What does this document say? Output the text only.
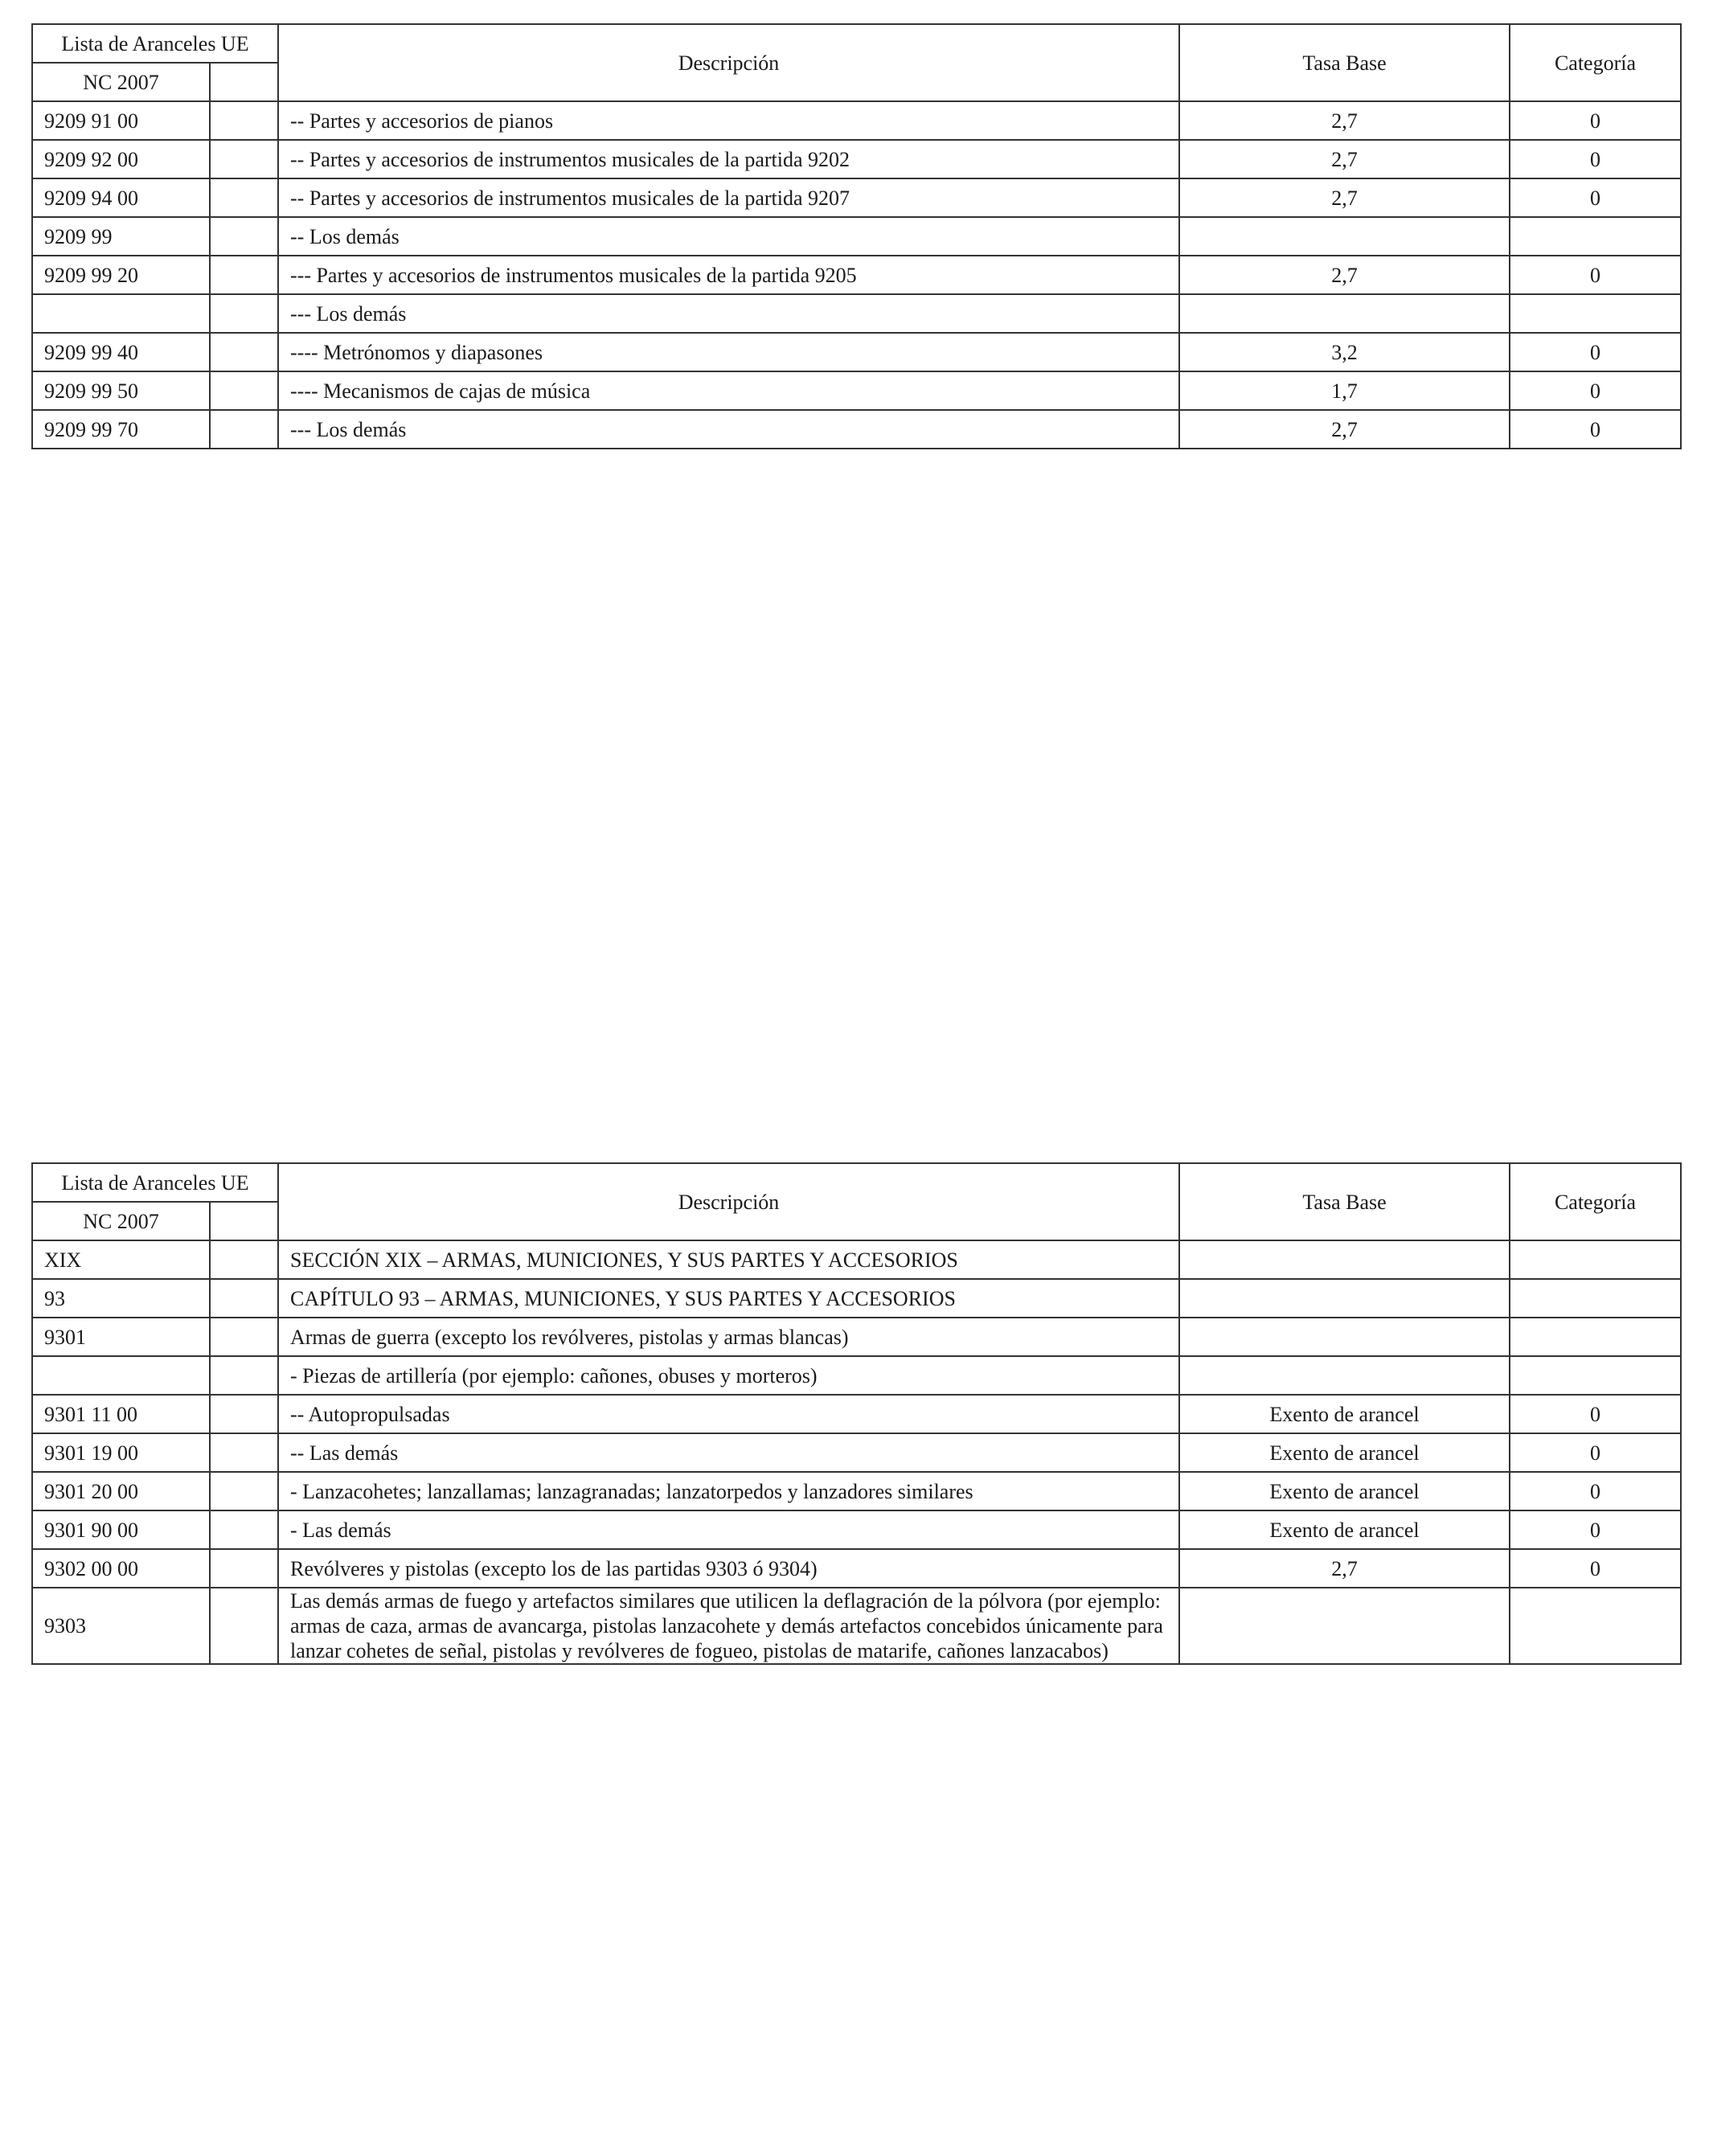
Lista de Aranceles UE		Descripción	Tasa Base	Categoría
NC 2007				
9209 91 00		-- Partes y accesorios de pianos	2,7	0
9209 92 00		-- Partes y accesorios de instrumentos musicales de la partida 9202	2,7	0
9209 94 00		-- Partes y accesorios de instrumentos musicales de la partida 9207	2,7	0
9209 99		-- Los demás		
9209 99 20		--- Partes y accesorios de instrumentos musicales de la partida 9205	2,7	0
		--- Los demás		
9209 99 40		---- Metrónomos y diapasones	3,2	0
9209 99 50		---- Mecanismos de cajas de música	1,7	0
9209 99 70		--- Los demás	2,7	0
Lista de Aranceles UE		Descripción	Tasa Base	Categoría
NC 2007				
XIX		SECCIÓN XIX – ARMAS, MUNICIONES, Y SUS PARTES Y ACCESORIOS		
93		CAPÍTULO 93 – ARMAS, MUNICIONES, Y SUS PARTES Y ACCESORIOS		
9301		Armas de guerra (excepto los revólveres, pistolas y armas blancas)		
		- Piezas de artillería (por ejemplo: cañones, obuses y morteros)		
9301 11 00		-- Autopropulsadas	Exento de arancel	0
9301 19 00		-- Las demás	Exento de arancel	0
9301 20 00		- Lanzacohetes; lanzallamas; lanzagranadas; lanzatorpedos y lanzadores similares	Exento de arancel	0
9301 90 00		- Las demás	Exento de arancel	0
9302 00 00		Revólveres y pistolas (excepto los de las partidas 9303 ó 9304)	2,7	0
9303		Las demás armas de fuego y artefactos similares que utilicen la deflagración de la pólvora (por ejemplo: armas de caza, armas de avancarga, pistolas lanzacohete y demás artefactos concebidos únicamente para lanzar cohetes de señal, pistolas y revólveres de fogueo, pistolas de matarife, cañones lanzacabos)		
